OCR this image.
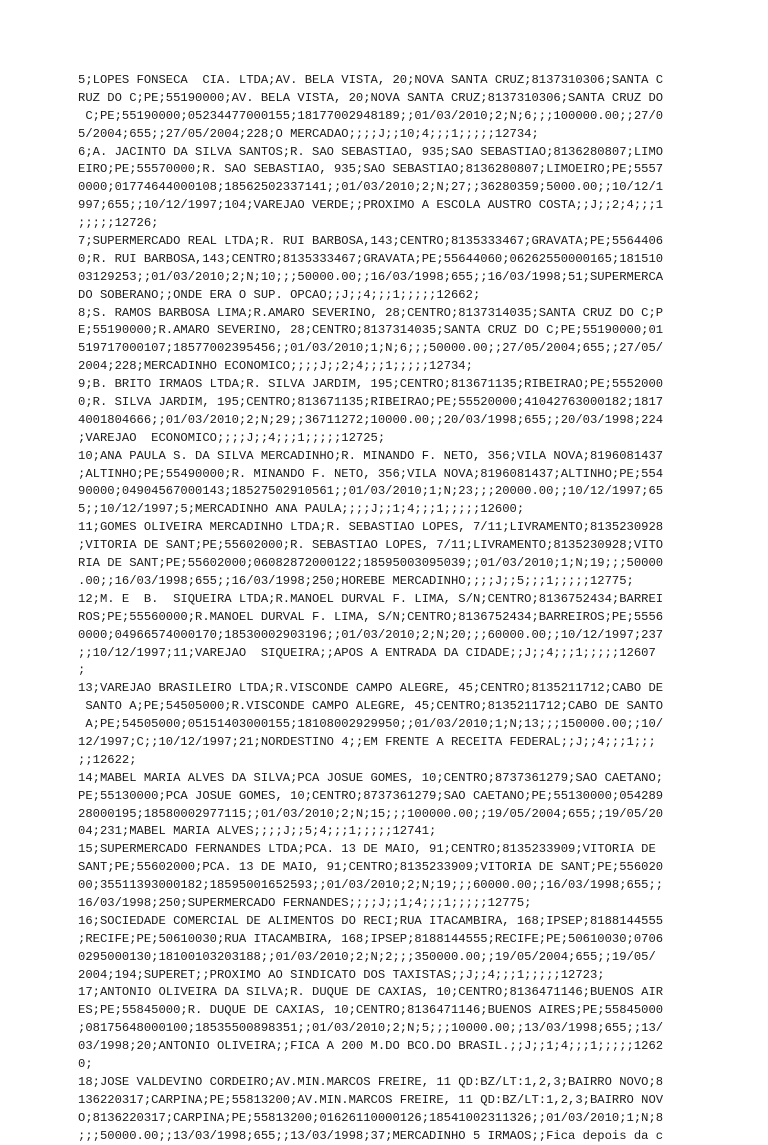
5;LOPES FONSECA  CIA. LTDA;AV. BELA VISTA, 20;NOVA SANTA CRUZ;8137310306;SANTA C
RUZ DO C;PE;55190000;AV. BELA VISTA, 20;NOVA SANTA CRUZ;8137310306;SANTA CRUZ DO
C;PE;55190000;05234477000155;18177002948189;;01/03/2010;2;N;6;;;100000.00;;27/0
5/2004;655;;27/05/2004;228;O MERCADAO;;;;J;;10;4;;;1;;;;;12734;
6;A. JACINTO DA SILVA SANTOS;R. SAO SEBASTIAO, 935;SAO SEBASTIAO;8136280807;LIMO
EIRO;PE;55570000;R. SAO SEBASTIAO, 935;SAO SEBASTIAO;8136280807;LIMOEIRO;PE;5557
0000;01774644000108;18562502337141;;01/03/2010;2;N;27;;36280359;5000.00;;10/12/1
997;655;;10/12/1997;104;VAREJAO VERDE;;PROXIMO A ESCOLA AUSTRO COSTA;;J;;2;4;;;1
;;;;;12726;
7;SUPERMERCADO REAL LTDA;R. RUI BARBOSA,143;CENTRO;8135333467;GRAVATA;PE;5564406
0;R. RUI BARBOSA,143;CENTRO;8135333467;GRAVATA;PE;55644060;06262550000165;181510
03129253;;01/03/2010;2;N;10;;;50000.00;;16/03/1998;655;;16/03/1998;51;SUPERMERCA
DO SOBERANO;;ONDE ERA O SUP. OPCAO;;J;;4;;;1;;;;;12662;
8;S. RAMOS BARBOSA LIMA;R.AMARO SEVERINO, 28;CENTRO;8137314035;SANTA CRUZ DO C;P
E;55190000;R.AMARO SEVERINO, 28;CENTRO;8137314035;SANTA CRUZ DO C;PE;55190000;01
519717000107;18577002395456;;01/03/2010;1;N;6;;;50000.00;;27/05/2004;655;;27/05/
2004;228;MERCADINHO ECONOMICO;;;;J;;2;4;;;1;;;;;12734;
9;B. BRITO IRMAOS LTDA;R. SILVA JARDIM, 195;CENTRO;813671135;RIBEIRAO;PE;5552000
0;R. SILVA JARDIM, 195;CENTRO;813671135;RIBEIRAO;PE;55520000;41042763000182;1817
4001804666;;01/03/2010;2;N;29;;36711272;10000.00;;20/03/1998;655;;20/03/1998;224
;VAREJAO  ECONOMICO;;;;J;;4;;;1;;;;;12725;
10;ANA PAULA S. DA SILVA MERCADINHO;R. MINANDO F. NETO, 356;VILA NOVA;8196081437
;ALTINHO;PE;55490000;R. MINANDO F. NETO, 356;VILA NOVA;8196081437;ALTINHO;PE;554
90000;04904567000143;18527502910561;;01/03/2010;1;N;23;;;20000.00;;10/12/1997;65
5;;10/12/1997;5;MERCADINHO ANA PAULA;;;;J;;1;4;;;1;;;;;12600;
11;GOMES OLIVEIRA MERCADINHO LTDA;R. SEBASTIAO LOPES, 7/11;LIVRAMENTO;8135230928
;VITORIA DE SANT;PE;55602000;R. SEBASTIAO LOPES, 7/11;LIVRAMENTO;8135230928;VITO
RIA DE SANT;PE;55602000;06082872000122;18595003095039;;01/03/2010;1;N;19;;;50000
.00;;16/03/1998;655;;16/03/1998;250;HOREBE MERCADINHO;;;;J;;5;;;1;;;;;12775;
12;M. E  B.  SIQUEIRA LTDA;R.MANOEL DURVAL F. LIMA, S/N;CENTRO;8136752434;BARREI
ROS;PE;55560000;R.MANOEL DURVAL F. LIMA, S/N;CENTRO;8136752434;BARREIROS;PE;5556
0000;04966574000170;18530002903196;;01/03/2010;2;N;20;;;60000.00;;10/12/1997;237
;;10/12/1997;11;VAREJAO  SIQUEIRA;;APOS A ENTRADA DA CIDADE;;J;;4;;;1;;;;;12607
;
13;VAREJAO BRASILEIRO LTDA;R.VISCONDE CAMPO ALEGRE, 45;CENTRO;8135211712;CABO DE
SANTO A;PE;54505000;R.VISCONDE CAMPO ALEGRE, 45;CENTRO;8135211712;CABO DE SANTO
A;PE;54505000;05151403000155;18108002929950;;01/03/2010;1;N;13;;;150000.00;;10/
12/1997;C;;10/12/1997;21;NORDESTINO 4;;EM FRENTE A RECEITA FEDERAL;;J;;4;;;1;;;
;;12622;
14;MABEL MARIA ALVES DA SILVA;PCA JOSUE GOMES, 10;CENTRO;8737361279;SAO CAETANO;
PE;55130000;PCA JOSUE GOMES, 10;CENTRO;8737361279;SAO CAETANO;PE;55130000;054289
28000195;18580002977115;;01/03/2010;2;N;15;;;100000.00;;19/05/2004;655;;19/05/20
04;231;MABEL MARIA ALVES;;;;J;;5;4;;;1;;;;;12741;
15;SUPERMERCADO FERNANDES LTDA;PCA. 13 DE MAIO, 91;CENTRO;8135233909;VITORIA DE
SANT;PE;55602000;PCA. 13 DE MAIO, 91;CENTRO;8135233909;VITORIA DE SANT;PE;556020
00;35511393000182;18595001652593;;01/03/2010;2;N;19;;;60000.00;;16/03/1998;655;;
16/03/1998;250;SUPERMERCADO FERNANDES;;;;J;;1;4;;;1;;;;;12775;
16;SOCIEDADE COMERCIAL DE ALIMENTOS DO RECI;RUA ITACAMBIRA, 168;IPSEP;8188144555
;RECIFE;PE;50610030;RUA ITACAMBIRA, 168;IPSEP;8188144555;RECIFE;PE;50610030;0706
0295000130;18100103203188;;01/03/2010;2;N;2;;;350000.00;;19/05/2004;655;;19/05/
2004;194;SUPERET;;PROXIMO AO SINDICATO DOS TAXISTAS;;J;;4;;;1;;;;;12723;
17;ANTONIO OLIVEIRA DA SILVA;R. DUQUE DE CAXIAS, 10;CENTRO;8136471146;BUENOS AIR
ES;PE;55845000;R. DUQUE DE CAXIAS, 10;CENTRO;8136471146;BUENOS AIRES;PE;55845000
;08175648000100;18535500898351;;01/03/2010;2;N;5;;;10000.00;;13/03/1998;655;;13/
03/1998;20;ANTONIO OLIVEIRA;;FICA A 200 M.DO BCO.DO BRASIL.;;J;;1;4;;;1;;;;;1262
0;
18;JOSE VALDEVINO CORDEIRO;AV.MIN.MARCOS FREIRE, 11 QD:BZ/LT:1,2,3;BAIRRO NOVO;8
136220317;CARPINA;PE;55813200;AV.MIN.MARCOS FREIRE, 11 QD:BZ/LT:1,2,3;BAIRRO NOV
O;8136220317;CARPINA;PE;55813200;01626110000126;18541002311326;;01/03/2010;1;N;8
;;;50000.00;;13/03/1998;655;;13/03/1998;37;MERCADINHO 5 IRMAOS;;Fica depois da c
